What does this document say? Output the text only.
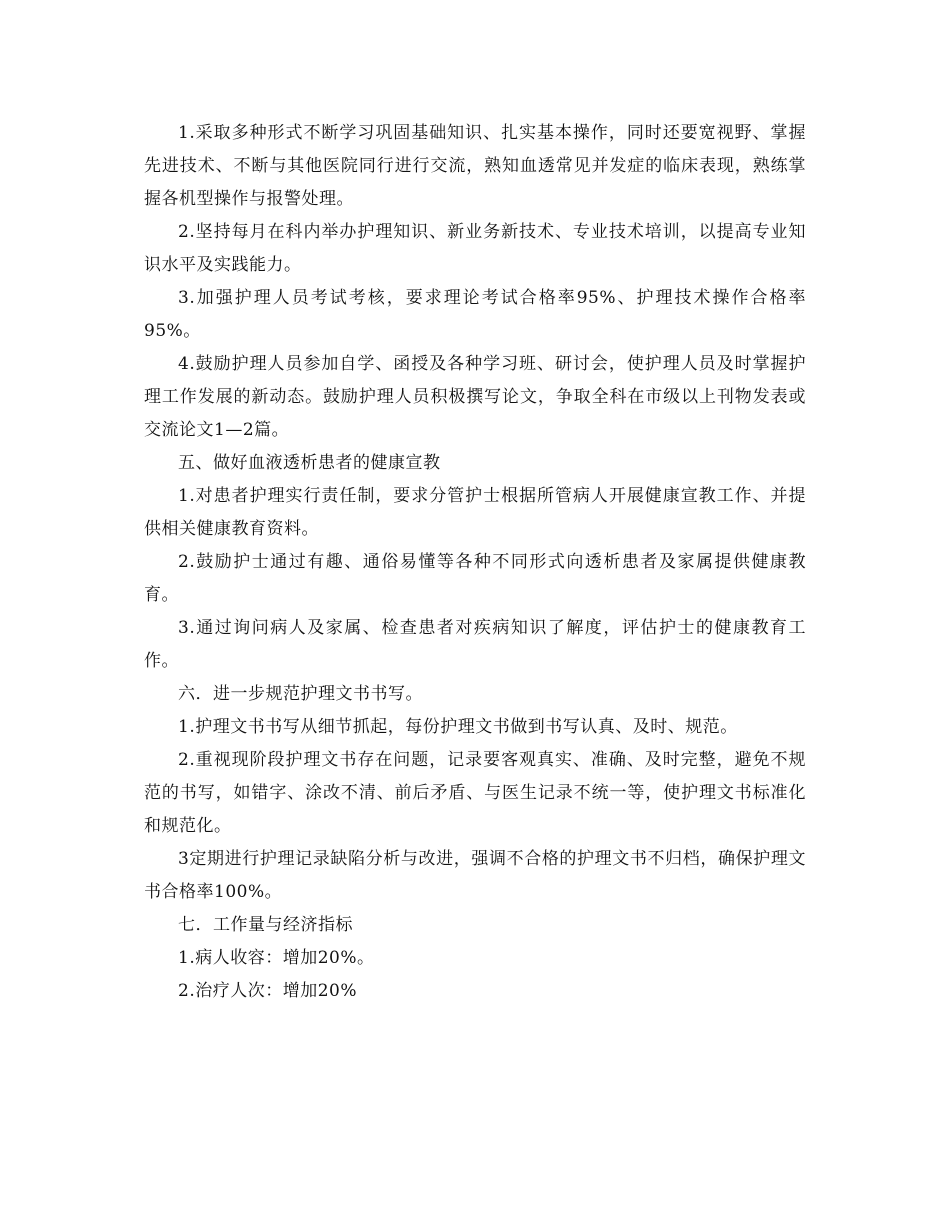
1.采取多种形式不断学习巩固基础知识、扎实基本操作，同时还要宽视野、掌握先进技术、不断与其他医院同行进行交流，熟知血透常见并发症的临床表现，熟练掌握各机型操作与报警处理。

2.坚持每月在科内举办护理知识、新业务新技术、专业技术培训，以提高专业知识水平及实践能力。

3.加强护理人员考试考核，要求理论考试合格率95%、护理技术操作合格率95%。

4.鼓励护理人员参加自学、函授及各种学习班、研讨会，使护理人员及时掌握护理工作发展的新动态。鼓励护理人员积极撰写论文，争取全科在市级以上刊物发表或交流论文1—2篇。

五、做好血液透析患者的健康宣教

1.对患者护理实行责任制，要求分管护士根据所管病人开展健康宣教工作、并提供相关健康教育资料。

2.鼓励护士通过有趣、通俗易懂等各种不同形式向透析患者及家属提供健康教育。

3.通过询问病人及家属、检查患者对疾病知识了解度，评估护士的健康教育工作。

六．进一步规范护理文书书写。

1.护理文书书写从细节抓起，每份护理文书做到书写认真、及时、规范。

2.重视现阶段护理文书存在问题，记录要客观真实、准确、及时完整，避免不规范的书写，如错字、涂改不清、前后矛盾、与医生记录不统一等，使护理文书标准化和规范化。

3定期进行护理记录缺陷分析与改进，强调不合格的护理文书不归档，确保护理文书合格率100%。

七．工作量与经济指标

1.病人收容：增加20%。

2.治疗人次：增加20%
